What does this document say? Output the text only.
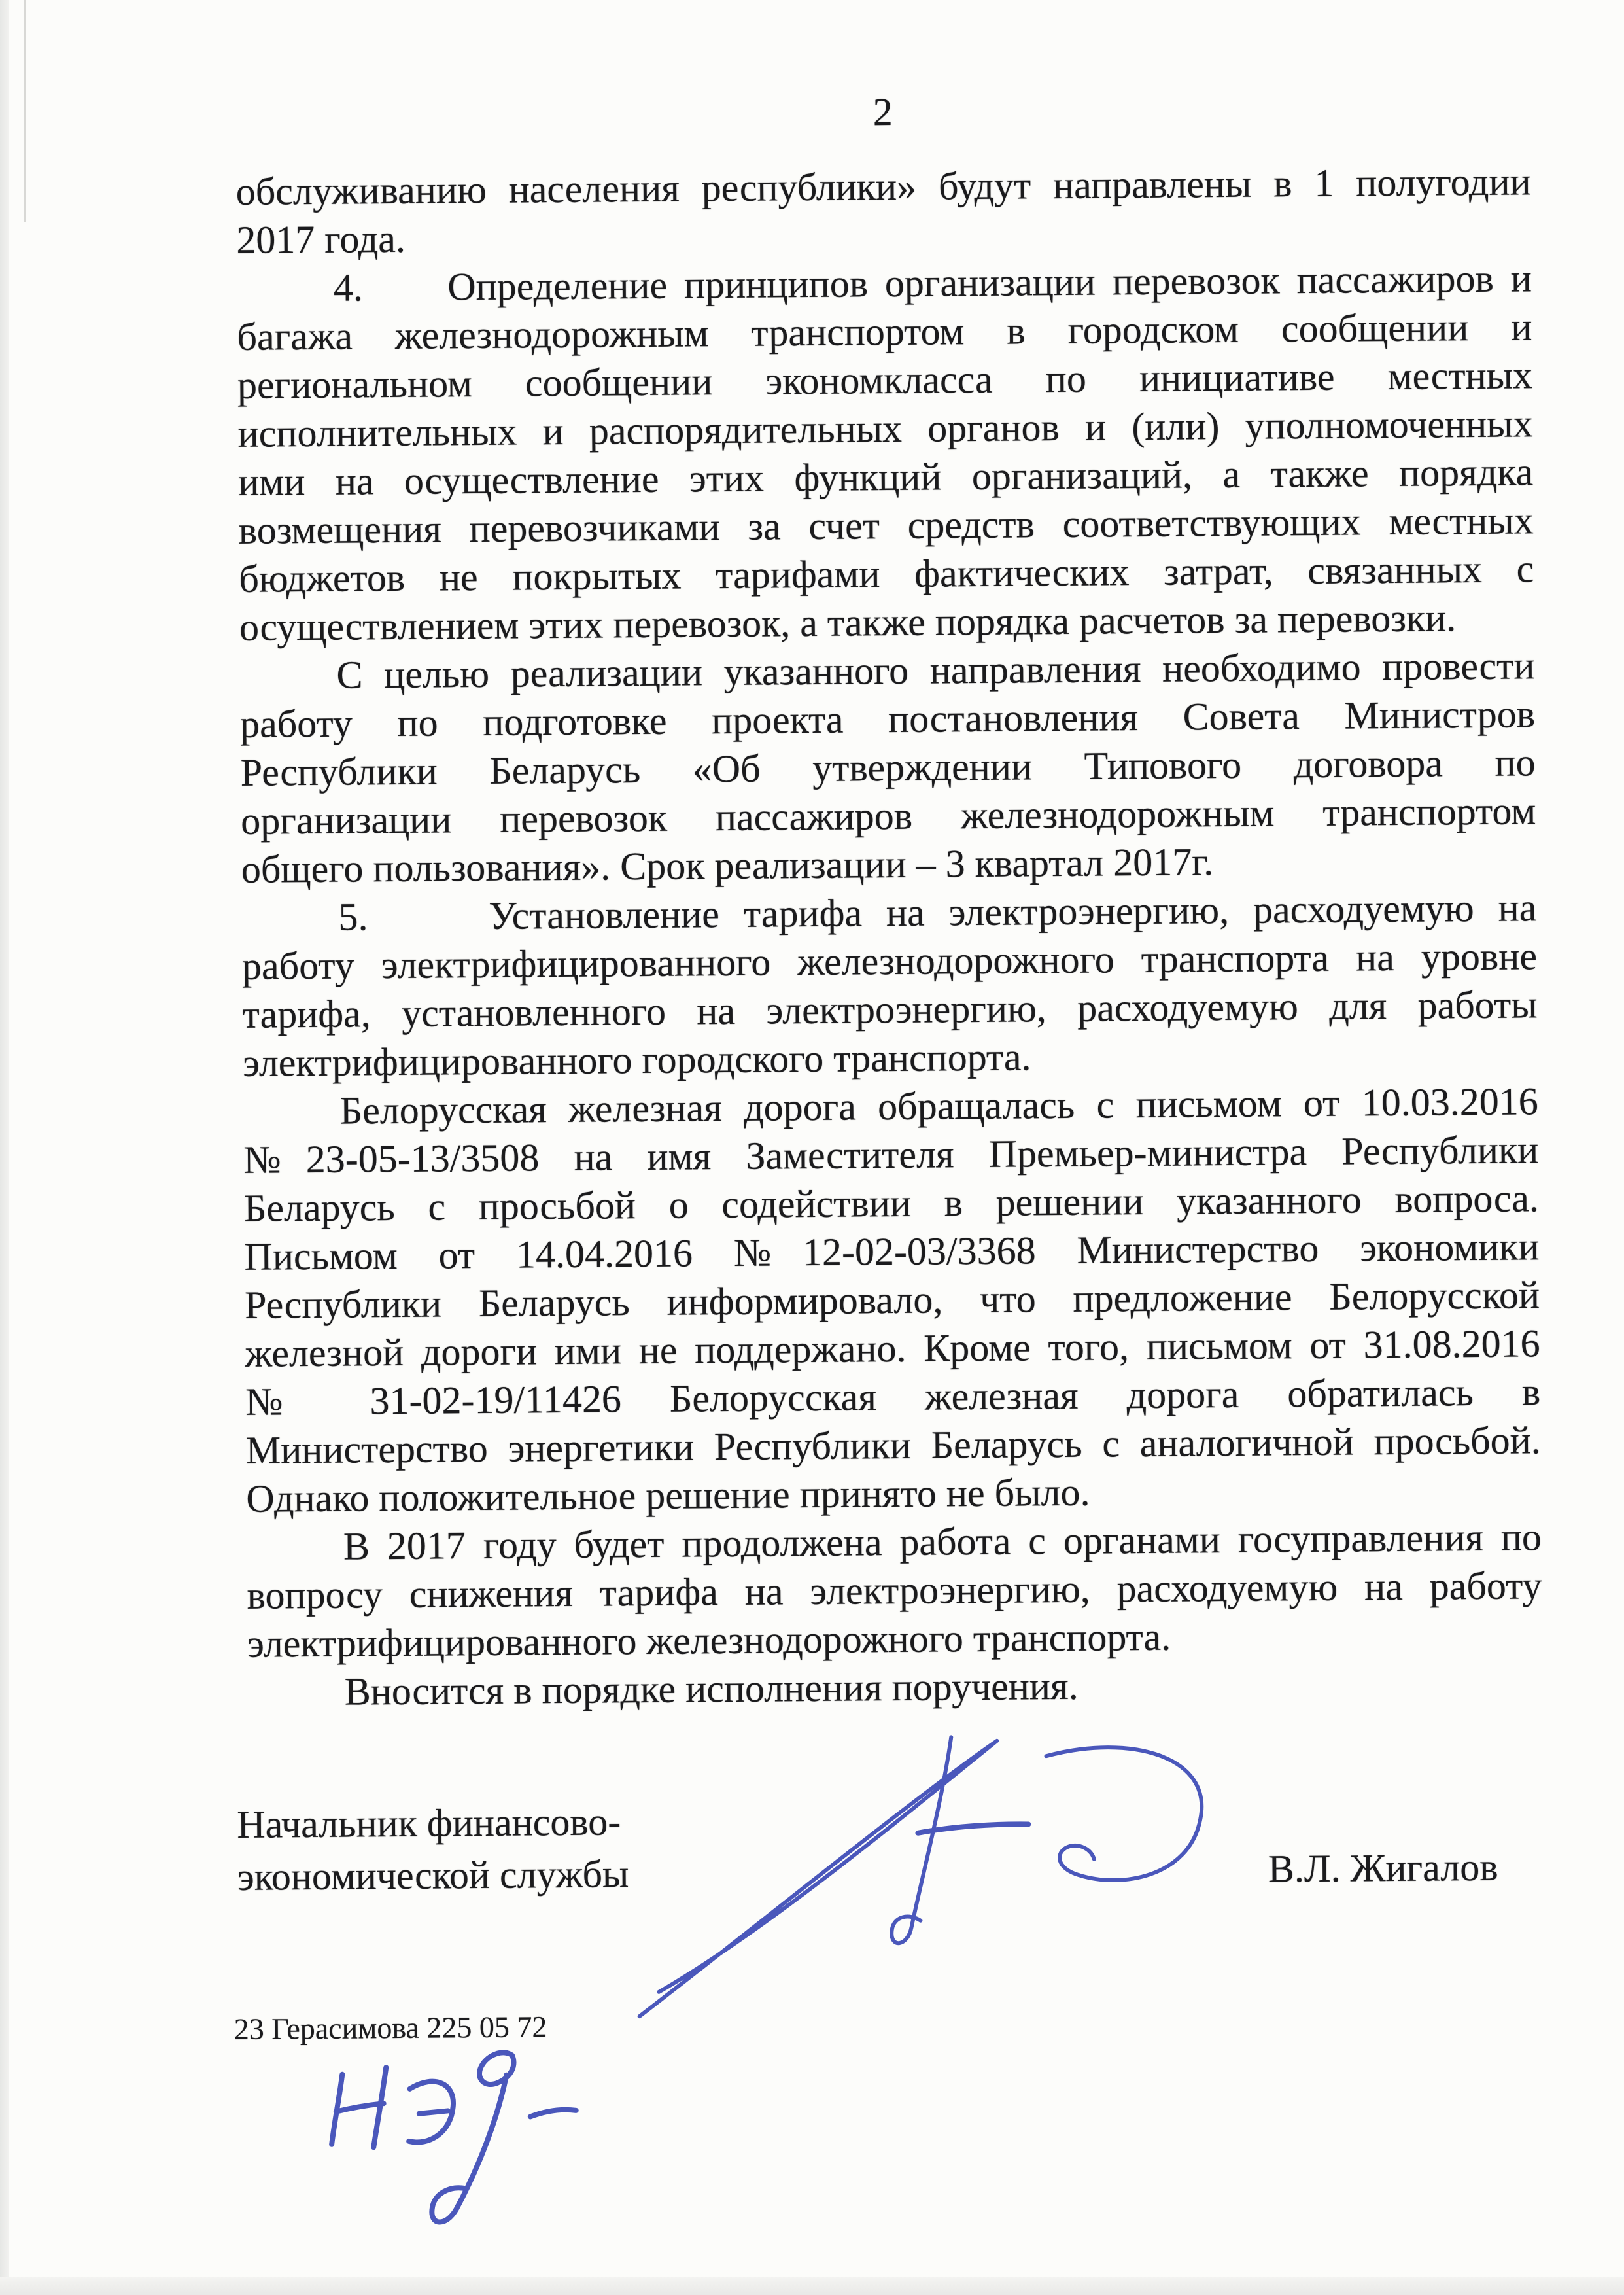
2
обслуживанию населения республики» будут направлены в 1 полугодии
2017 года.
4.     Определение принципов организации перевозок пассажиров и
багажа железнодорожным транспортом в городском сообщении и
региональном сообщении экономкласса по инициативе местных
исполнительных и распорядительных органов и (или) уполномоченных
ими на осуществление этих функций организаций, а также порядка
возмещения перевозчиками за счет средств соответствующих местных
бюджетов не покрытых тарифами фактических затрат, связанных с
осуществлением этих перевозок, а также порядка расчетов за перевозки.
С целью реализации указанного направления необходимо провести
работу по подготовке проекта постановления Совета Министров
Республики Беларусь «Об утверждении Типового договора по
организации перевозок пассажиров железнодорожным транспортом
общего пользования». Срок реализации – 3 квартал 2017г.
5.     Установление тарифа на электроэнергию, расходуемую на
работу электрифицированного железнодорожного транспорта на уровне
тарифа, установленного на электроэнергию, расходуемую для работы
электрифицированного городского транспорта.
Белорусская железная дорога обращалась с письмом от 10.03.2016
№23-05-13/3508 на имя Заместителя Премьер-министра Республики
Беларусь с просьбой о содействии в решении указанного вопроса.
Письмом от 14.04.2016 №12-02-03/3368 Министерство экономики
Республики Беларусь информировало, что предложение Белорусской
железной дороги ими не поддержано. Кроме того, письмом от 31.08.2016
№ 31-02-19/11426 Белорусская железная дорога обратилась в
Министерство энергетики Республики Беларусь с аналогичной просьбой.
Однако положительное решение принято не было.
В 2017 году будет продолжена работа с органами госуправления по
вопросу снижения тарифа на электроэнергию, расходуемую на работу
электрифицированного железнодорожного транспорта.
Вносится в порядке исполнения поручения.
Начальник финансово-
экономической службы	В.Л. Жигалов
23 Герасимова 225 05 72
